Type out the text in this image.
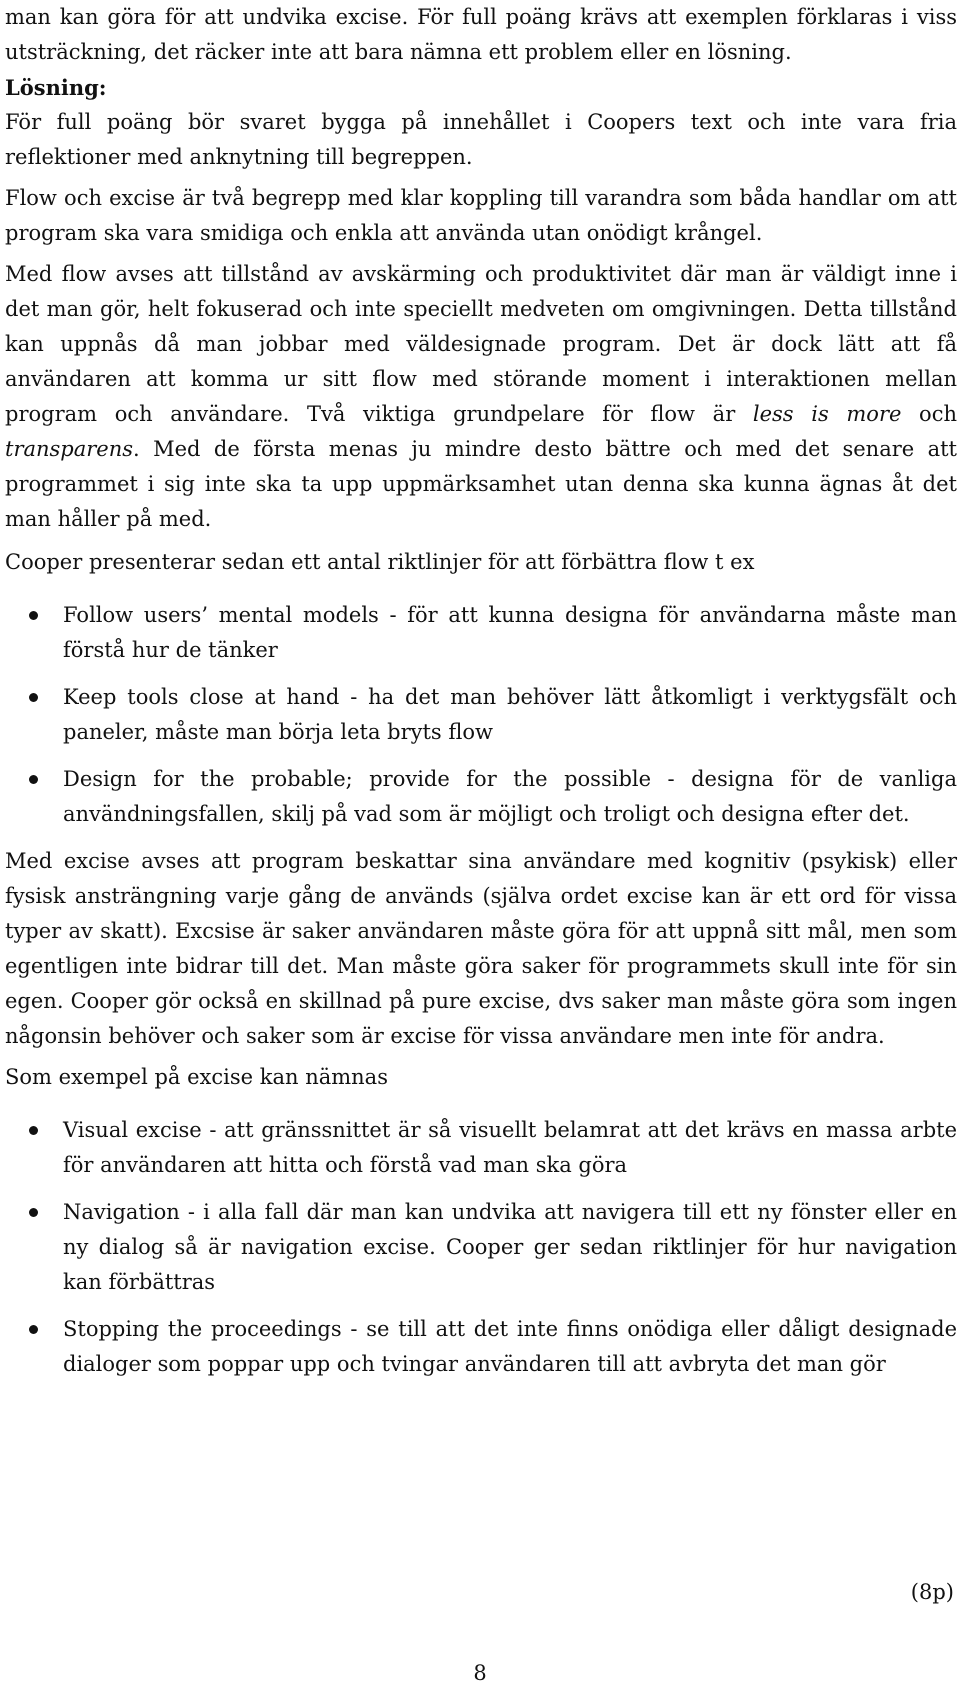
man kan göra för att undvika excise. För full poäng krävs att exemplen förklaras i viss utsträckning, det räcker inte att bara nämna ett problem eller en lösning.

Lösning:

För full poäng bör svaret bygga på innehållet i Coopers text och inte vara fria reflektioner med anknytning till begreppen.

Flow och excise är två begrepp med klar koppling till varandra som båda handlar om att program ska vara smidiga och enkla att använda utan onödigt krångel.

Med flow avses att tillstånd av avskärming och produktivitet där man är väldigt inne i det man gör, helt fokuserad och inte speciellt medveten om omgivningen. Detta tillstånd kan uppnås då man jobbar med väldesignade program. Det är dock lätt att få användaren att komma ur sitt flow med störande moment i interaktionen mellan program och användare. Två viktiga grundpelare för flow är less is more och transparens. Med de första menas ju mindre desto bättre och med det senare att programmet i sig inte ska ta upp uppmärksamhet utan denna ska kunna ägnas åt det man håller på med.

Cooper presenterar sedan ett antal riktlinjer för att förbättra flow t ex

Follow users’ mental models - för att kunna designa för användarna måste man förstå hur de tänker
Keep tools close at hand - ha det man behöver lätt åtkomligt i verktygsfält och paneler, måste man börja leta bryts flow
Design for the probable; provide for the possible - designa för de vanliga användningsfallen, skilj på vad som är möjligt och troligt och designa efter det.

Med excise avses att program beskattar sina användare med kognitiv (psykisk) eller fysisk ansträngning varje gång de används (själva ordet excise kan är ett ord för vissa typer av skatt). Excsise är saker användaren måste göra för att uppnå sitt mål, men som egentligen inte bidrar till det. Man måste göra saker för programmets skull inte för sin egen. Cooper gör också en skillnad på pure excise, dvs saker man måste göra som ingen någonsin behöver och saker som är excise för vissa användare men inte för andra.

Som exempel på excise kan nämnas

Visual excise - att gränssnittet är så visuellt belamrat att det krävs en massa arbte för användaren att hitta och förstå vad man ska göra
Navigation - i alla fall där man kan undvika att navigera till ett ny fönster eller en ny dialog så är navigation excise. Cooper ger sedan riktlinjer för hur navigation kan förbättras
Stopping the proceedings - se till att det inte finns onödiga eller dåligt designade dialoger som poppar upp och tvingar användaren till att avbryta det man gör
(8p)
8
